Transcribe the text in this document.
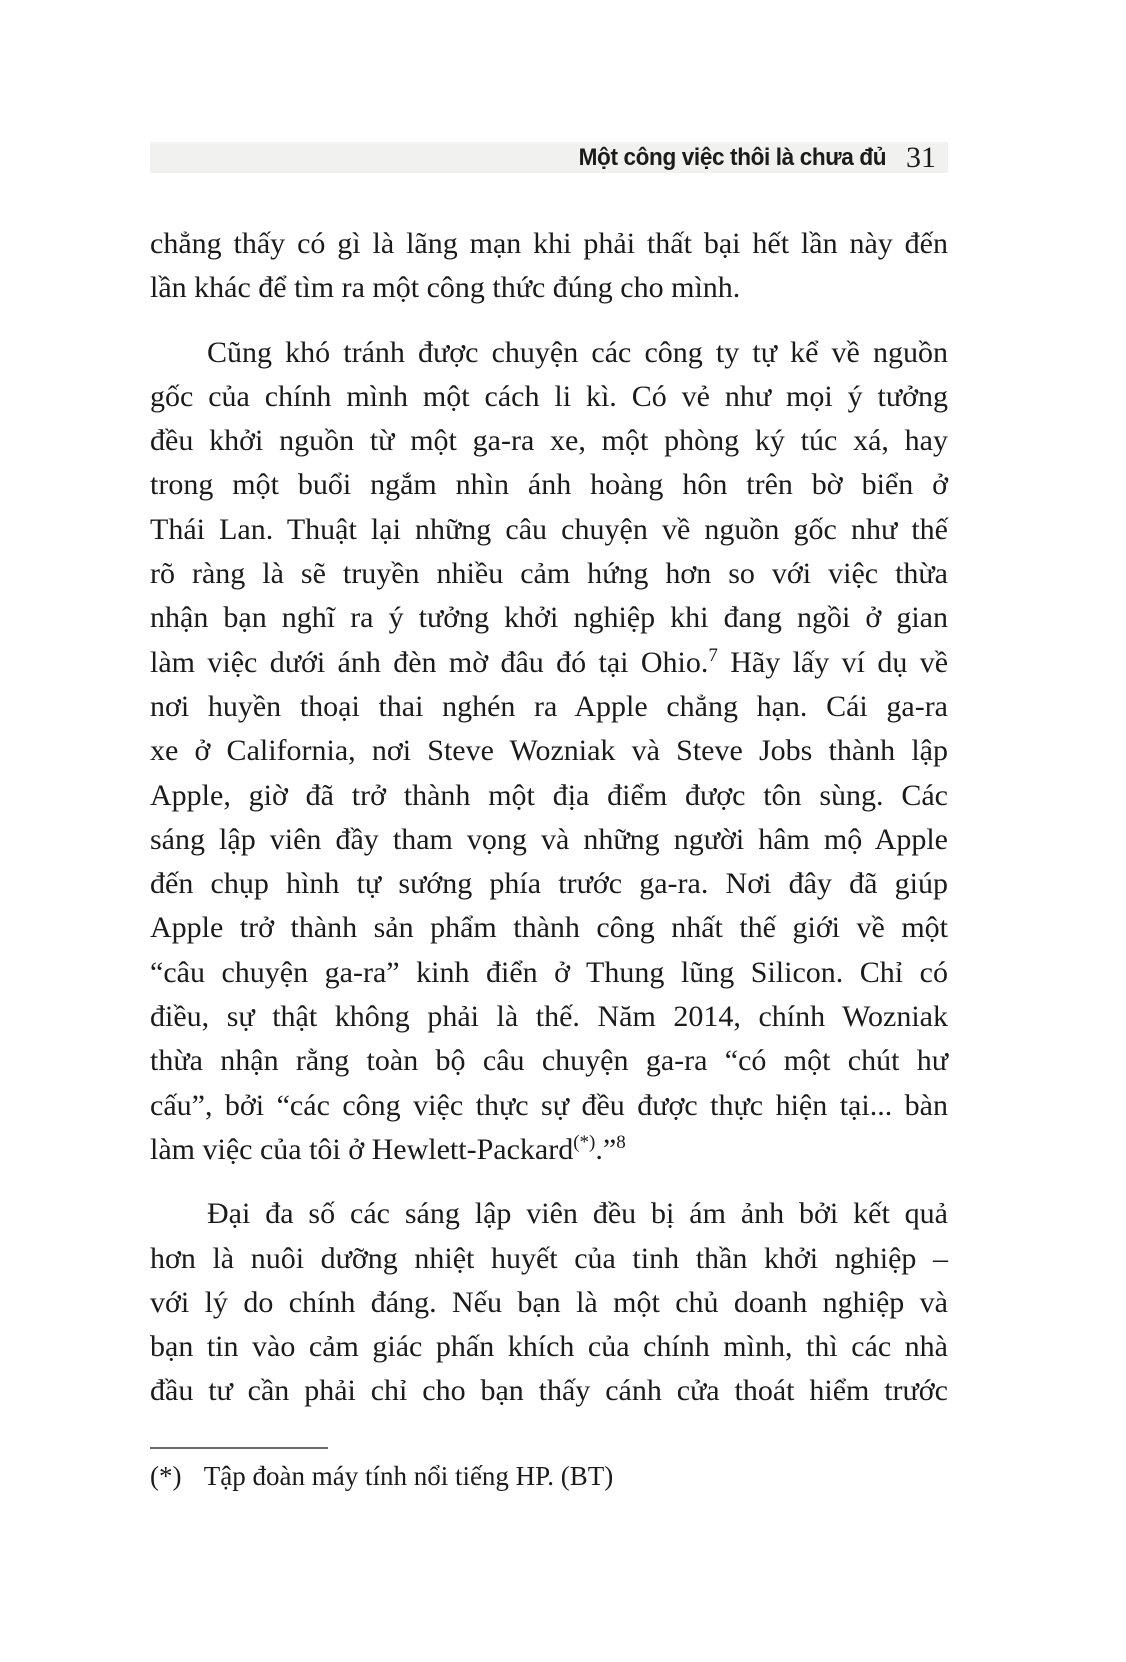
Một công việc thôi là chưa đủ 31
chẳng thấy có gì là lãng mạn khi phải thất bại hết lần này đến
lần khác để tìm ra một công thức đúng cho mình.
Cũng khó tránh được chuyện các công ty tự kể về nguồn
gốc của chính mình một cách li kì. Có vẻ như mọi ý tưởng
đều khởi nguồn từ một ga-ra xe, một phòng ký túc xá, hay
trong một buổi ngắm nhìn ánh hoàng hôn trên bờ biển ở
Thái Lan. Thuật lại những câu chuyện về nguồn gốc như thế
rõ ràng là sẽ truyền nhiều cảm hứng hơn so với việc thừa
nhận bạn nghĩ ra ý tưởng khởi nghiệp khi đang ngồi ở gian
làm việc dưới ánh đèn mờ đâu đó tại Ohio.$^7$ Hãy lấy ví dụ về
nơi huyền thoại thai nghén ra Apple chẳng hạn. Cái ga-ra
xe ở California, nơi Steve Wozniak và Steve Jobs thành lập
Apple, giờ đã trở thành một địa điểm được tôn sùng. Các
sáng lập viên đầy tham vọng và những người hâm mộ Apple
đến chụp hình tự sướng phía trước ga-ra. Nơi đây đã giúp
Apple trở thành sản phẩm thành công nhất thế giới về một
“câu chuyện ga-ra” kinh điển ở Thung lũng Silicon. Chỉ có
điều, sự thật không phải là thế. Năm 2014, chính Wozniak
thừa nhận rằng toàn bộ câu chuyện ga-ra “có một chút hư
cấu”, bởi “các công việc thực sự đều được thực hiện tại... bàn
làm việc của tôi ở Hewlett-Packard(*).”$^8$
Đại đa số các sáng lập viên đều bị ám ảnh bởi kết quả
hơn là nuôi dưỡng nhiệt huyết của tinh thần khởi nghiệp –
với lý do chính đáng. Nếu bạn là một chủ doanh nghiệp và
bạn tin vào cảm giác phấn khích của chính mình, thì các nhà
đầu tư cần phải chỉ cho bạn thấy cánh cửa thoát hiểm trước
(*) Tập đoàn máy tính nổi tiếng HP. (BT)
